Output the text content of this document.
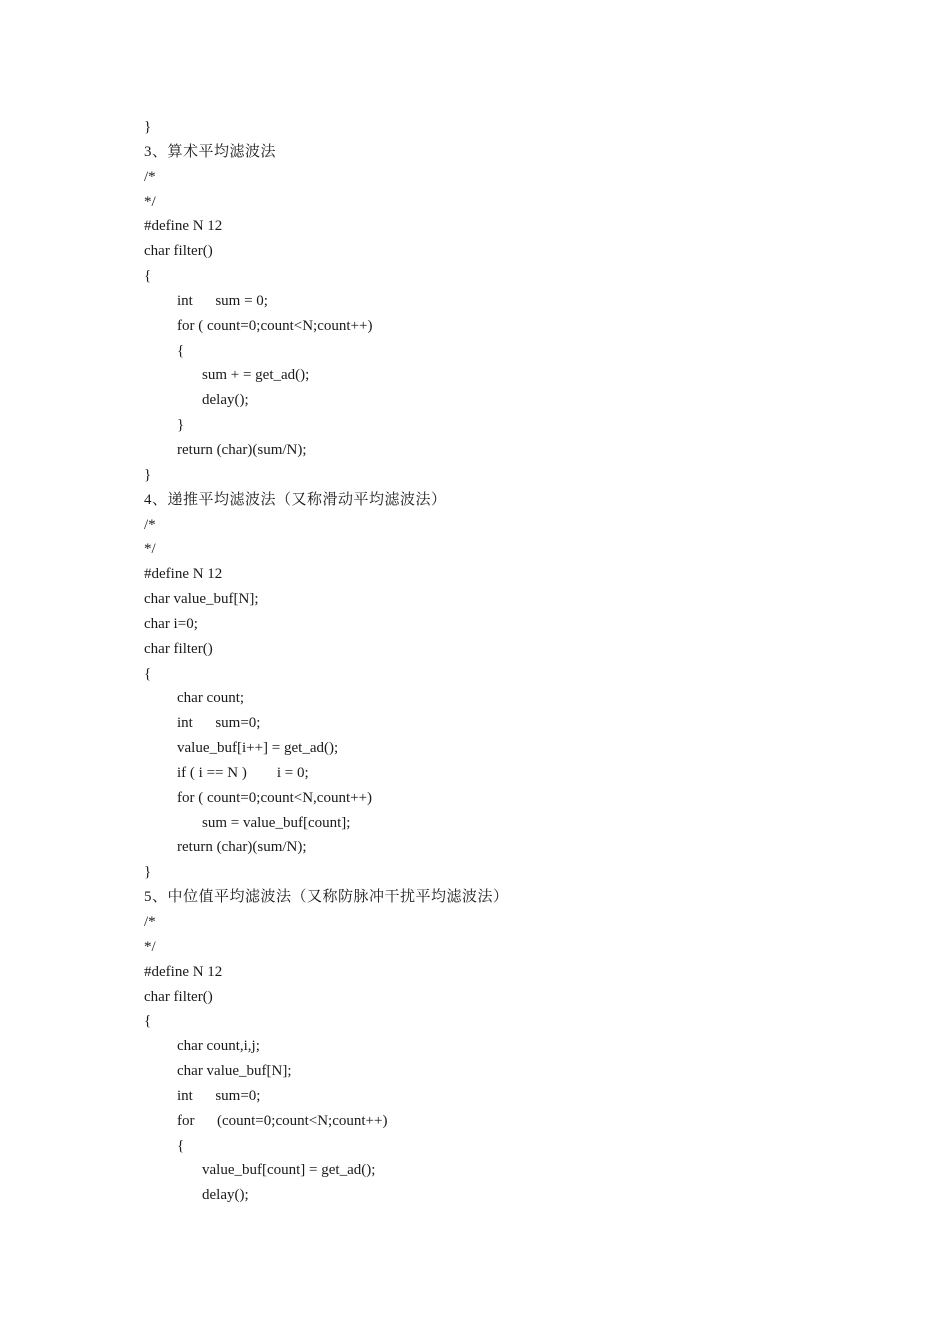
}
3、算术平均滤波法
/*
*/
#define N 12
char filter()
{
int      sum = 0;
for ( count=0;count<N;count++)
{
sum + = get_ad();
delay();
}
return (char)(sum/N);
}
4、递推平均滤波法（又称滑动平均滤波法）
/*
*/
#define N 12
char value_buf[N];
char i=0;
char filter()
{
char count;
int      sum=0;
value_buf[i++] = get_ad();
if ( i == N )        i = 0;
for ( count=0;count<N,count++)
sum = value_buf[count];
return (char)(sum/N);
}
5、中位值平均滤波法（又称防脉冲干扰平均滤波法）
/*
*/
#define N 12
char filter()
{
char count,i,j;
char value_buf[N];
int      sum=0;
for      (count=0;count<N;count++)
{
value_buf[count] = get_ad();
delay();
